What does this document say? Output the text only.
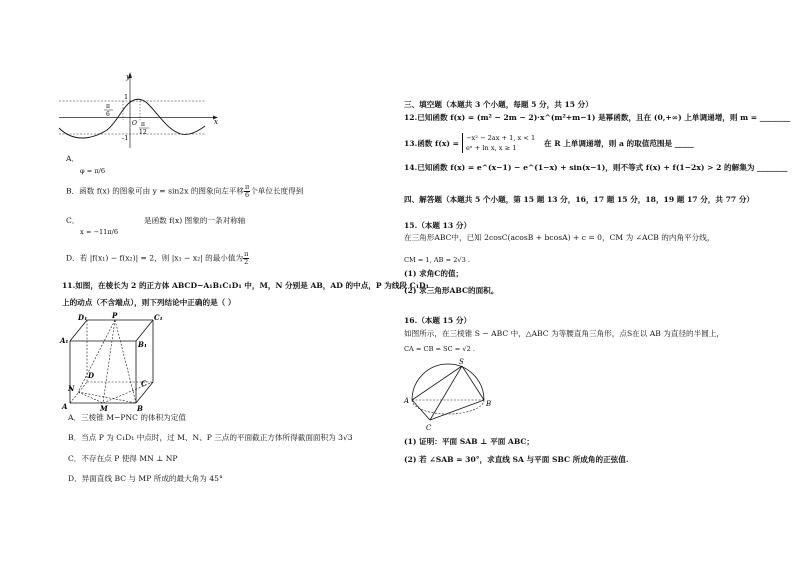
y
x
1
-1
O
π
6
π
12
A．
φ = π/6
B．函数 f(x) 的图象可由 y = sin2x 的图象向左平移 $\frac{\pi}{6}$ 个单位长度得到
C．
x = −11π/6
是函数 f(x) 图象的一条对称轴
D．若 |f(x₁) − f(x₂)| = 2，则 |x₁ − x₂| 的最小值为 $\frac{\pi}{2}$
11.如图，在棱长为 2 的正方体 ABCD−A₁B₁C₁D₁ 中，M，N 分别是 AB，AD 的中点，P 为线段 C₁D₁
上的动点（不含端点），则下列结论中正确的是（ ）
D₁	P	C₁
A₁	B₁
D
N
C
A	M	B
A．三棱锥 M−PNC 的体积为定值
B．当点 P 为 C₁D₁ 中点时，过 M、N、P 三点的平面截正方体所得截面面积为 3√3
C．不存在点 P 使得 MN ⊥ NP
D．异面直线 BC 与 MP 所成的最大角为 45°
三、填空题（本题共 3 个小题，每题 5 分，共 15 分）
12.已知函数 f(x) = (m² − 2m − 2)·x^(m²+m−1) 是幂函数，且在 (0,+∞) 上单调递增，则 m = ________
13.函数 f(x) =
−x² − 2ax + 1, x < 1
eˣ + ln x, x ≥ 1	在 R 上单调递增，则 a 的取值范围是 _____
14.已知函数 f(x) = e^(x−1) − e^(1−x) + sin(x−1)，则不等式 f(x) + f(1−2x) > 2 的解集为 ________
四、解答题（本题共 5 个小题，第 15 题 13 分，16，17 题 15 分，18，19 题 17 分，共 77 分）
15.（本题 13 分）
在三角形ABC中，已知 2cosC(acosB + bcosA) + c = 0，CM 为 ∠ACB 的内角平分线，
CM = 1, AB = 2√3 .
(1) 求角C的值；
(2) 求三角形ABC的面积。
16.（本题 15 分）
如图所示，在三棱锥 S − ABC 中，△ABC 为等腰直角三角形，点S在以 AB 为直径的半圆上，
CA = CB = SC = √2 .
S
A	B
C
(1) 证明：平面 SAB ⊥ 平面 ABC；
(2) 若 ∠SAB = 30°，求直线 SA 与平面 SBC 所成角的正弦值.
